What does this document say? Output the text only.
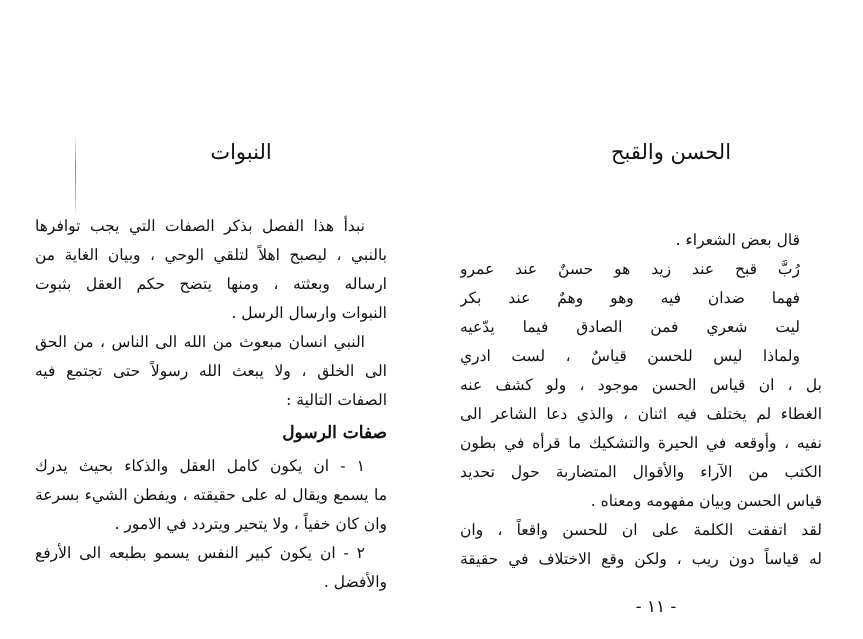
الحسن والقبح
قال بعض الشعراء .
رُبَّ قبح عند زيد هو حسنٌ عند عمرو
فهما ضدان فيه وهو وهمٌ عند بكر
ليت شعري فمن الصادق فيما يدّعيه
ولماذا ليس للحسن قياسٌ ، لست ادري
بل ، ان قياس الحسن موجود ، ولو كشف عنه
الغطاء لم يختلف فيه اثنان ، والذي دعا الشاعر الى
نفيه ، وأوقعه في الحيرة والتشكيك ما قرأه في بطون
الكتب من الآراء والأقوال المتضاربة حول تحديد
قياس الحسن وبيان مفهومه ومعناه .
لقد اتفقت الكلمة على ان للحسن واقعاً ، وان
له قياساً دون ريب ، ولكن وقع الاختلاف في حقيقة
- ١١ -
النبوات
نبدأ هذا الفصل بذكر الصفات التي يجب توافرها
بالنبي ، ليصبح اهلاً لتلقي الوحي ، وبيان الغاية من
ارساله وبعثته ، ومنها يتضح حكم العقل بثبوت
النبوات وارسال الرسل .
النبي انسان مبعوث من الله الى الناس ، من الحق
الى الخلق ، ولا يبعث الله رسولاً حتى تجتمع فيه
الصفات التالية :
صفات الرسول
١ - ان يكون كامل العقل والذكاء بحيث يدرك
ما يسمع ويقال له على حقيقته ، ويفطن الشيء بسرعة
وان كان خفياً ، ولا يتحير ويتردد في الامور .
٢ - ان يكون كبير النفس يسمو بطبعه الى الأرفع
والأفضل .
